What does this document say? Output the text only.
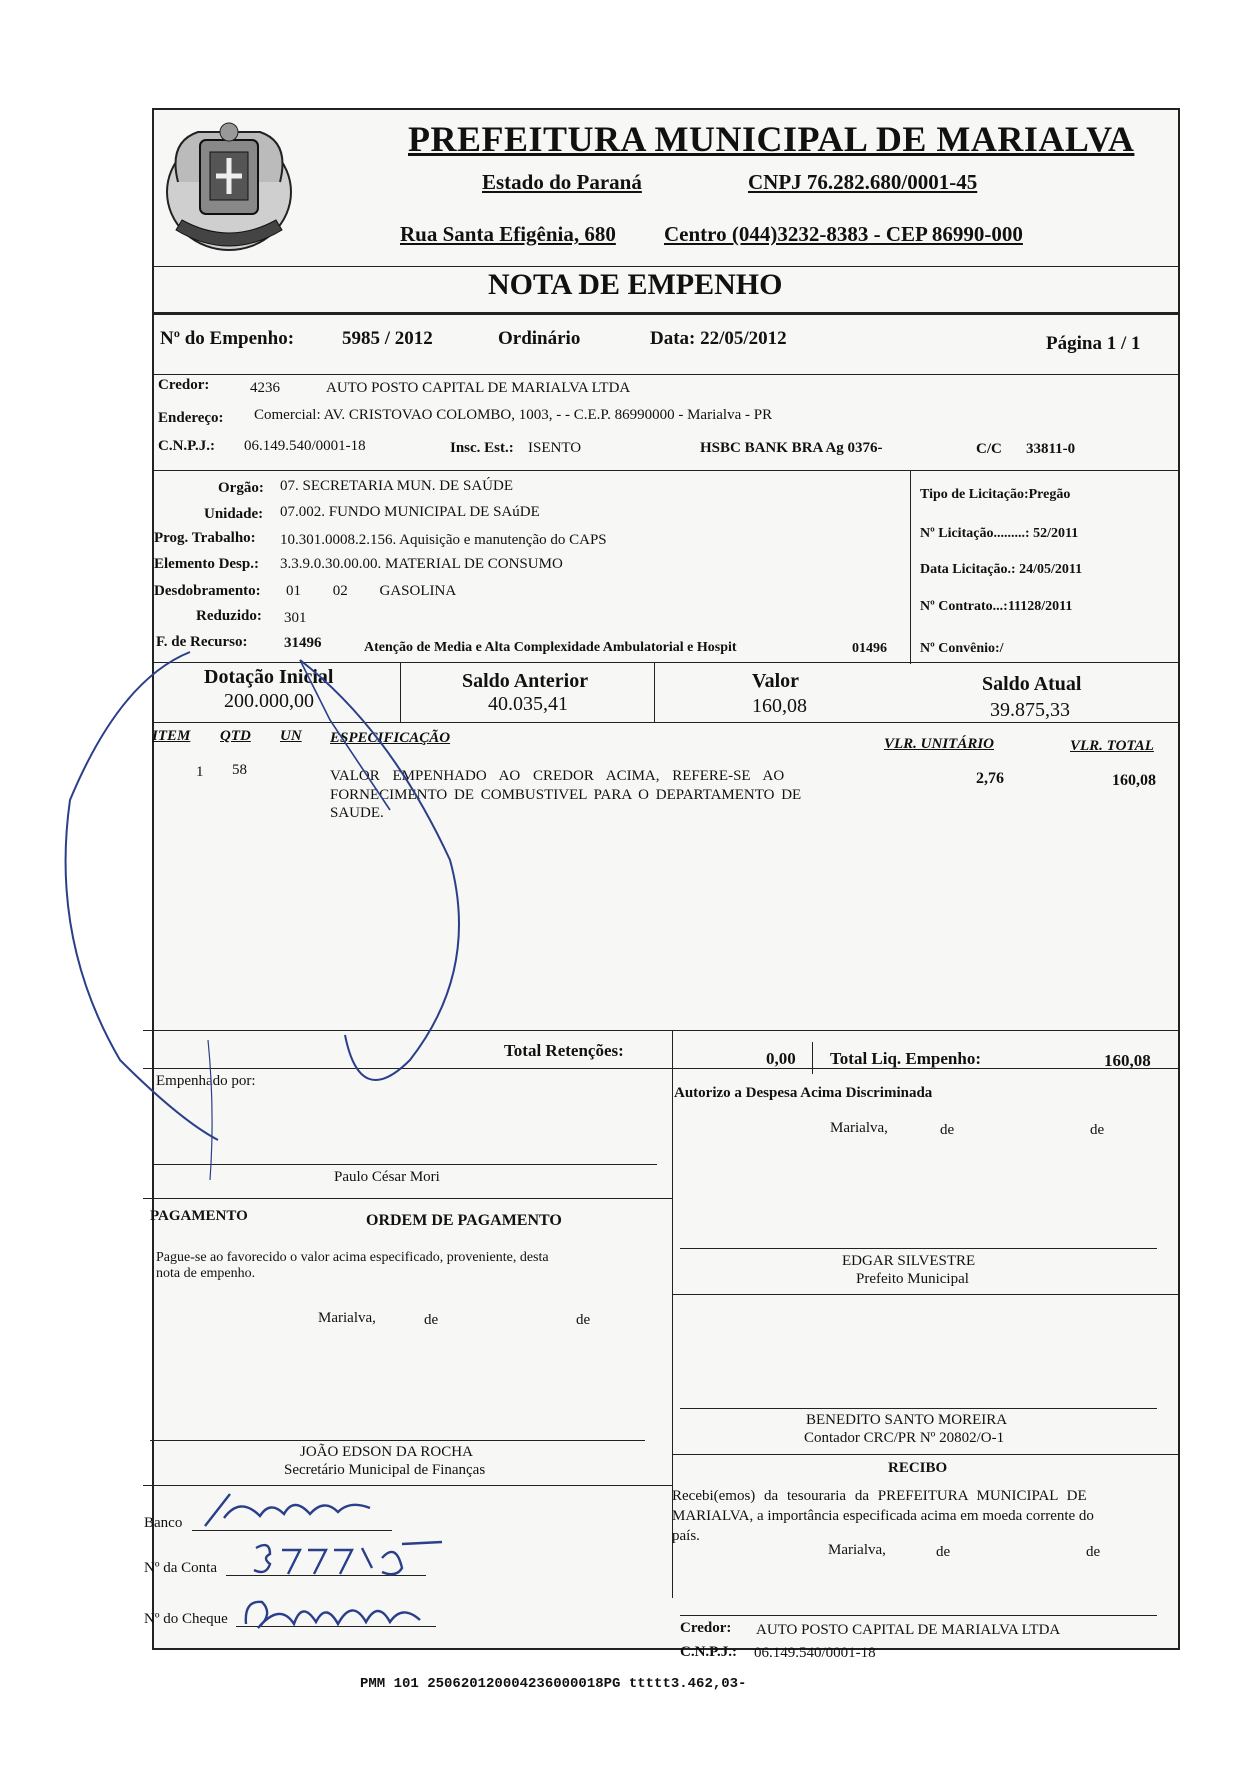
PREFEITURA MUNICIPAL DE MARIALVA
Estado do Paraná	CNPJ 76.282.680/0001-45
Rua Santa Efigênia, 680 Centro (044)3232-8383 - CEP 86990-000
NOTA DE EMPENHO
Nº do Empenho:	5985 / 2012	Ordinário	Data: 22/05/2012	Página 1 / 1
Credor:	4236	AUTO POSTO CAPITAL DE MARIALVA LTDA
Endereço: Comercial: AV. CRISTOVAO COLOMBO, 1003, - - C.E.P. 86990000 - Marialva - PR
C.N.P.J.: 06.149.540/0001-18	Insc. Est.: ISENTO	HSBC BANK BRA Ag 0376-	C/C 33811-0
Orgão: 07. SECRETARIA MUN. DE SAÚDE
Unidade: 07.002. FUNDO MUNICIPAL DE SAúDE
Prog. Trabalho: 10.301.0008.2.156. Aquisição e manutenção do CAPS
Elemento Desp.: 3.3.9.0.30.00.00. MATERIAL DE CONSUMO
Desdobramento: 01 02 GASOLINA
Reduzido: 301
F. de Recurso: 31496	Atenção de Media e Alta Complexidade Ambulatorial e Hospit	01496
Tipo de Licitação:Pregão
Nº Licitação.........: 52/2011
Data Licitação.: 24/05/2011
Nº Contrato...:11128/2011
Nº Convênio:/
Dotação Inicial
200.000,00
Saldo Anterior
40.035,41
Valor
160,08
Saldo Atual
39.875,33
ITEM QTD UN ESPECIFICAÇÃO	VLR. UNITÁRIO	VLR. TOTAL
1 58	VALOR EMPENHADO AO CREDOR ACIMA, REFERE-SE AO
FORNECIMENTO DE COMBUSTIVEL PARA O DEPARTAMENTO DE
SAUDE.
2,76	160,08
Total Retenções:	0,00 Total Liq. Empenho:	160,08
Empenhado por:
Paulo César Mori
Autorizo a Despesa Acima Discriminada
Marialva,	de	de
PAGAMENTO	ORDEM DE PAGAMENTO
Pague-se ao favorecido o valor acima especificado, proveniente, desta
nota de empenho.
Marialva,	de	de
EDGAR SILVESTRE
Prefeito Municipal
BENEDITO SANTO MOREIRA
Contador CRC/PR Nº 20802/O-1
JOÃO EDSON DA ROCHA
Secretário Municipal de Finanças	RECIBO
Recebi(emos) da tesouraria da PREFEITURA MUNICIPAL DE
MARIALVA, a importância especificada acima em moeda corrente do
país.
Marialva,	de	de
Banco
Nº da Conta
Nº do Cheque
Credor: AUTO POSTO CAPITAL DE MARIALVA LTDA
C.N.P.J.: 06.149.540/0001-18
PMM 101 250620120004236000018PG ttttt3.462,03-
